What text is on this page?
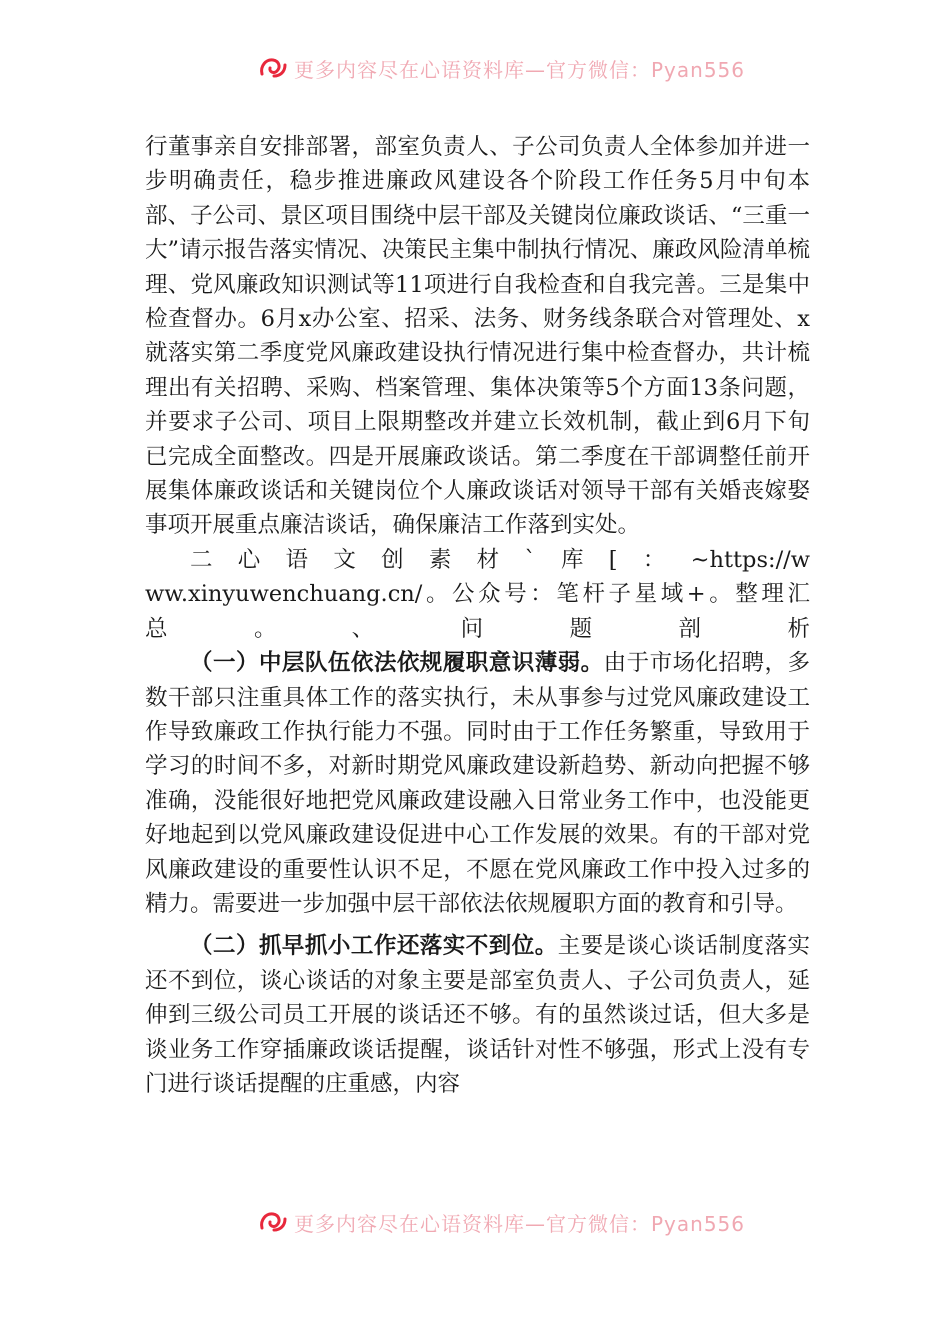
更多内容尽在心语资料库—官方微信：Pyan556

行董事亲自安排部署，部室负责人、子公司负责人全体参加并进一步明确责任，稳步推进廉政风建设各个阶段工作任务5月中旬本部、子公司、景区项目围绕中层干部及关键岗位廉政谈话、“三重一大”请示报告落实情况、决策民主集中制执行情况、廉政风险清单梳理、党风廉政知识测试等11项进行自我检查和自我完善。三是集中检查督办。6月x办公室、招采、法务、财务线条联合对管理处、x就落实第二季度党风廉政建设执行情况进行集中检查督办，共计梳理出有关招聘、采购、档案管理、集体决策等5个方面13条问题，并要求子公司、项目上限期整改并建立长效机制，截止到6月下旬已完成全面整改。四是开展廉政谈话。第二季度在干部调整任前开展集体廉政谈话和关键岗位个人廉政谈话对领导干部有关婚丧嫁娶事项开展重点廉洁谈话，确保廉洁工作落到实处。

二心语文创素材`库[：~https://www.xinyuwenchuang.cn/。公众号：笔杆子星域+。整理汇总。、问题剖析

（一）中层队伍依法依规履职意识薄弱。由于市场化招聘，多数干部只注重具体工作的落实执行，未从事参与过党风廉政建设工作导致廉政工作执行能力不强。同时由于工作任务繁重，导致用于学习的时间不多，对新时期党风廉政建设新趋势、新动向把握不够准确，没能很好地把党风廉政建设融入日常业务工作中，也没能更好地起到以党风廉政建设促进中心工作发展的效果。有的干部对党风廉政建设的重要性认识不足，不愿在党风廉政工作中投入过多的精力。需要进一步加强中层干部依法依规履职方面的教育和引导。

（二）抓早抓小工作还落实不到位。主要是谈心谈话制度落实还不到位，谈心谈话的对象主要是部室负责人、子公司负责人，延伸到三级公司员工开展的谈话还不够。有的虽然谈过话，但大多是谈业务工作穿插廉政谈话提醒，谈话针对性不够强，形式上没有专门进行谈话提醒的庄重感，内容

更多内容尽在心语资料库—官方微信：Pyan556
